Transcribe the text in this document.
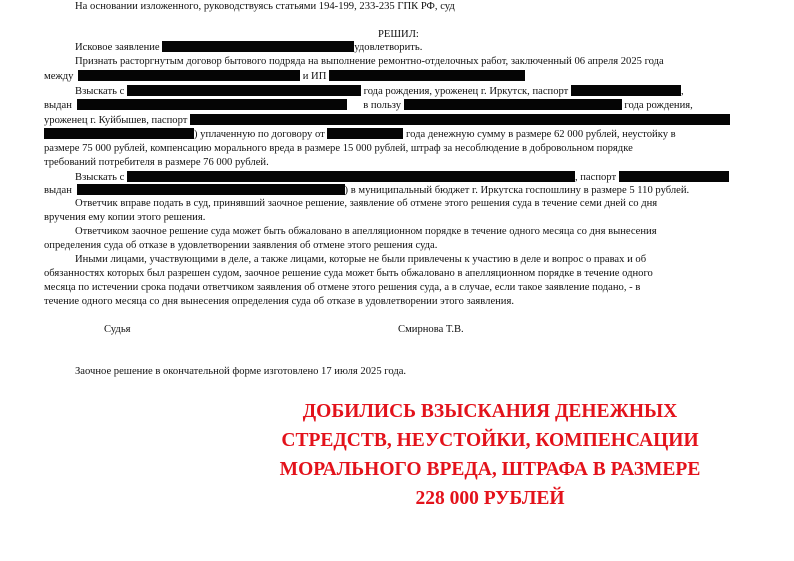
На основании изложенного, руководствуясь статьями 194-199, 233-235 ГПК РФ, суд
РЕШИЛ:
Исковое заявление	удовлетворить.
Признать расторгнутым договор бытового подряда на выполнение ремонтно-отделочных работ, заключенный 06 апреля 2025 года
между	и ИП
Взыскать с	года рождения, уроженец г. Иркутск, паспорт	,
выдан	в пользу	года рождения,
уроженец г. Куйбышев, паспорт
) уплаченную по договору от	года денежную сумму в размере 62 000 рублей, неустойку в
размере 75 000 рублей, компенсацию морального вреда в размере 15 000 рублей, штраф за несоблюдение в добровольном порядке
требований потребителя в размере 76 000 рублей.
Взыскать с	, паспорт
выдан	) в муниципальный бюджет г. Иркутска госпошлину в размере 5 110 рублей.
Ответчик вправе подать в суд, принявший заочное решение, заявление об отмене этого решения суда в течение семи дней со дня
вручения ему копии этого решения.
Ответчиком заочное решение суда может быть обжаловано в апелляционном порядке в течение одного месяца со дня вынесения
определения суда об отказе в удовлетворении заявления об отмене этого решения суда.
Иными лицами, участвующими в деле, а также лицами, которые не были привлечены к участию в деле и вопрос о правах и об
обязанностях которых был разрешен судом, заочное решение суда может быть обжаловано в апелляционном порядке в течение одного
месяца по истечении срока подачи ответчиком заявления об отмене этого решения суда, а в случае, если такое заявление подано, - в
течение одного месяца со дня вынесения определения суда об отказе в удовлетворении этого заявления.
Судья	Смирнова Т.В.
Заочное решение в окончательной форме изготовлено 17 июля 2025 года.
ДОБИЛИСЬ ВЗЫСКАНИЯ ДЕНЕЖНЫХ
СТРЕДСТВ, НЕУСТОЙКИ, КОМПЕНСАЦИИ
МОРАЛЬНОГО ВРЕДА, ШТРАФА В РАЗМЕРЕ
228 000 РУБЛЕЙ
